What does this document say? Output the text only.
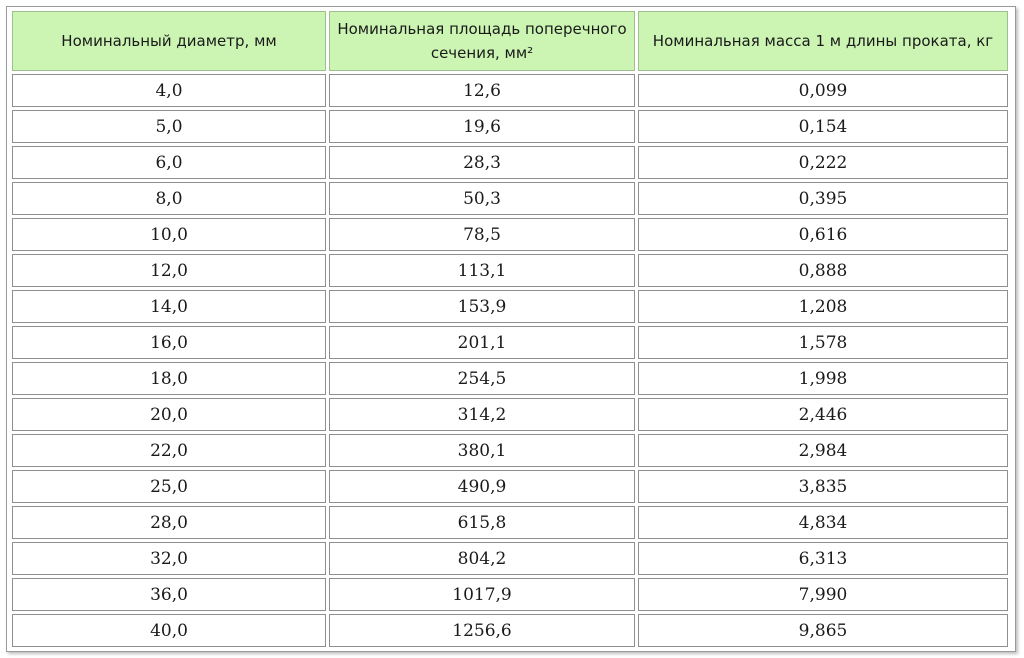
Номинальный диаметр, мм	Номинальная площадь поперечного сечения, мм²	Номинальная масса 1 м длины проката, кг
4,0	12,6	0,099
5,0	19,6	0,154
6,0	28,3	0,222
8,0	50,3	0,395
10,0	78,5	0,616
12,0	113,1	0,888
14,0	153,9	1,208
16,0	201,1	1,578
18,0	254,5	1,998
20,0	314,2	2,446
22,0	380,1	2,984
25,0	490,9	3,835
28,0	615,8	4,834
32,0	804,2	6,313
36,0	1017,9	7,990
40,0	1256,6	9,865
